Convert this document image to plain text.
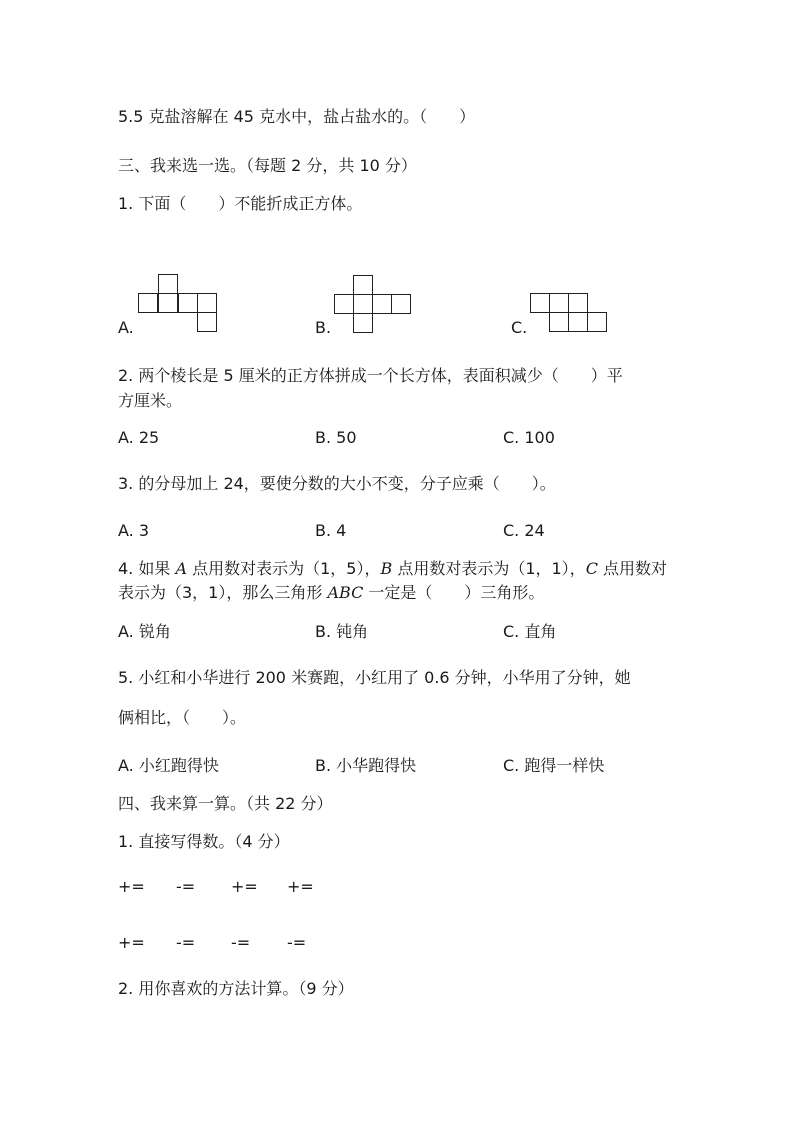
5.5 克盐溶解在 45 克水中，盐占盐水的。（　　）
三、我来选一选。（每题 2 分，共 10 分）
1. 下面（　　）不能折成正方体。
A.	B.	C.
2. 两个棱长是 5 厘米的正方体拼成一个长方体，表面积减少（　　）平
方厘米。
A. 25	B. 50	C. 100
3. 的分母加上 24，要使分数的大小不变，分子应乘（　　）。
A. 3	B. 4	C. 24
4. 如果 A 点用数对表示为（1，5），B 点用数对表示为（1，1），C 点用数对
表示为（3，1），那么三角形 ABC 一定是（　　）三角形。
A. 锐角	B. 钝角	C. 直角
5. 小红和小华进行 200 米赛跑，小红用了 0.6 分钟，小华用了分钟，她
俩相比，（　　）。
A. 小红跑得快	B. 小华跑得快	C. 跑得一样快
四、我来算一算。（共 22 分）
1. 直接写得数。（4 分）
+= -= += +=
+= -= -= -=
2. 用你喜欢的方法计算。（9 分）
